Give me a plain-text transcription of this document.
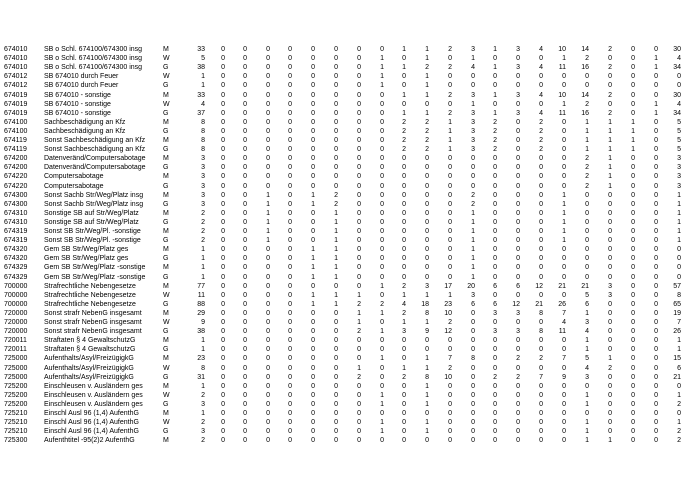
674010 SB o Schl. 674100/674300 insg	M	33	0	0	0	0	0	0	0	0	1	1	2	3	1	3	4	10	14	2	0	0	30
674010 SB o Schl. 674100/674300 insg	W	5	0	0	0	0	0	0	0	1	0	1	0	1	0	0	0	1	2	0	0	1	4
674010 SB o Schl. 674100/674300 insg	G	38	0	0	0	0	0	0	0	1	1	2	2	4	1	3	4	11	16	2	0	1	34
674012 SB 674010 durch Feuer	W	1	0	0	0	0	0	0	0	1	0	1	0	0	0	0	0	0	0	0	0	0	0
674012 SB 674010 durch Feuer	G	1	0	0	0	0	0	0	0	1	0	1	0	0	0	0	0	0	0	0	0	0	0
674019 SB 674010 - sonstige	M	33	0	0	0	0	0	0	0	0	1	1	2	3	1	3	4	10	14	2	0	0	30
674019 SB 674010 - sonstige	W	4	0	0	0	0	0	0	0	0	0	0	0	1	0	0	0	1	2	0	0	1	4
674019 SB 674010 - sonstige	G	37	0	0	0	0	0	0	0	0	1	1	2	3	1	3	4	11	16	2	0	1	34
674100 Sachbeschädigung an Kfz	M	8	0	0	0	0	0	0	0	0	2	2	1	3	2	0	2	0	1	1	1	0	5
674100 Sachbeschädigung an Kfz	G	8	0	0	0	0	0	0	0	0	2	2	1	3	2	0	2	0	1	1	1	0	5
674119 Sonst Sachbeschädigung an Kfz	M	8	0	0	0	0	0	0	0	0	2	2	1	3	2	0	2	0	1	1	1	0	5
674119 Sonst Sachbeschädigung an Kfz	G	8	0	0	0	0	0	0	0	0	2	2	1	3	2	0	2	0	1	1	1	0	5
674200 Datenveränd/Computersabotage M	3	0	0	0	0	0	0	0	0	0	0	0	0	0	0	0	0	2	1	0	0	3
674200 Datenveränd/Computersabotage G	3	0	0	0	0	0	0	0	0	0	0	0	0	0	0	0	0	2	1	0	0	3
674220 Computersabotage	M	3	0	0	0	0	0	0	0	0	0	0	0	0	0	0	0	0	2	1	0	0	3
674220 Computersabotage	G	3	0	0	0	0	0	0	0	0	0	0	0	0	0	0	0	0	2	1	0	0	3
674300 Sonst Sachb Str/Weg/Platz insg	M	3	0	0	1	0	1	2	0	0	0	0	0	2	0	0	0	1	0	0	0	0	1
674300 Sonst Sachb Str/Weg/Platz insg	G	3	0	0	1	0	1	2	0	0	0	0	0	2	0	0	0	1	0	0	0	0	1
674310 Sonstige SB auf Str/Weg/Platz	M	2	0	0	1	0	0	1	0	0	0	0	0	1	0	0	0	1	0	0	0	0	1
674310 Sonstige SB auf Str/Weg/Platz	G	2	0	0	1	0	0	1	0	0	0	0	0	1	0	0	0	1	0	0	0	0	1
674319 Sonst SB Str/Weg/Pl. -sonstige	M	2	0	0	1	0	0	1	0	0	0	0	0	1	0	0	0	1	0	0	0	0	1
674319 Sonst SB Str/Weg/Pl. -sonstige	G	2	0	0	1	0	0	1	0	0	0	0	0	1	0	0	0	1	0	0	0	0	1
674320 Gem SB Str/Weg/Platz ges	M	1	0	0	0	0	1	1	0	0	0	0	0	1	0	0	0	0	0	0	0	0	0
674320 Gem SB Str/Weg/Platz ges	G	1	0	0	0	0	1	1	0	0	0	0	0	1	0	0	0	0	0	0	0	0	0
674329 Gem SB Str/Weg/Platz -sonstige	M	1	0	0	0	0	1	1	0	0	0	0	0	1	0	0	0	0	0	0	0	0	0
674329 Gem SB Str/Weg/Platz -sonstige	G	1	0	0	0	0	1	1	0	0	0	0	0	1	0	0	0	0	0	0	0	0	0
700000 Strafrechtliche Nebengesetze	M	77	0	0	0	0	0	0	0	1	2	3	17	20	6	6	12	21	21	3	0	0	57
700000 Strafrechtliche Nebengesetze	W	11	0	0	0	0	1	1	1	0	1	1	1	3	0	0	0	0	5	3	0	0	8
700000 Strafrechtliche Nebengesetze	G	88	0	0	0	0	1	1	2	2	4	18	23	6	6	12	21	26	6	0	0	0	65
720000 Sonst strafr NebenG insgesamt	M	29	0	0	0	0	0	0	1	1	2	8	10	0	3	3	8	7	1	0	0	0	19
720000 Sonst strafr NebenG insgesamt	W	9	0	0	0	0	0	0	1	0	1	1	2	0	0	0	0	4	3	0	0	0	7
720000 Sonst strafr NebenG insgesamt	G	38	0	0	0	0	0	0	2	1	3	9	12	0	3	3	8	11	4	0	0	0	26
720011 Straftaten § 4 GewaltschutzG	M	1	0	0	0	0	0	0	0	0	0	0	0	0	0	0	0	0	1	0	0	0	1
720011 Straftaten § 4 GewaltschutzG	G	1	0	0	0	0	0	0	0	0	0	0	0	0	0	0	0	0	1	0	0	0	1
725000 Aufenthalts/Asyl/FreizügigkG	M	23	0	0	0	0	0	0	0	1	0	1	7	8	0	2	2	7	5	1	0	0	15
725000 Aufenthalts/Asyl/FreizügigkG	W	8	0	0	0	0	0	0	1	0	1	1	2	0	0	0	0	0	4	2	0	0	6
725000 Aufenthalts/Asyl/FreizügigkG	G	31	0	0	0	0	0	0	2	0	2	8	10	0	2	2	7	9	3	0	0	0	21
725200 Einschleusen v. Ausländern ges	M	1	0	0	0	0	0	0	0	0	0	1	0	0	0	0	0	0	0	0	0	0	0
725200 Einschleusen v. Ausländern ges	W	2	0	0	0	0	0	0	0	1	0	1	0	0	0	0	0	0	1	0	0	0	1
725200 Einschleusen v. Ausländern ges	G	3	0	0	0	0	0	0	0	1	0	1	0	0	0	0	0	0	1	0	0	0	2
725210 Einschl Ausl 96 (1,4) AufenthG	M	1	0	0	0	0	0	0	0	0	0	0	0	0	0	0	0	0	0	0	0	0	0
725210 Einschl Ausl 96 (1,4) AufenthG	W	2	0	0	0	0	0	0	0	1	0	1	0	0	0	0	0	0	1	0	0	0	1
725210 Einschl Ausl 96 (1,4) AufenthG	G	3	0	0	0	0	0	0	0	1	0	1	0	0	0	0	0	0	1	0	0	0	2
725300 Aufenthtitel -95(2)2 AufenthG	M	2	0	0	0	0	0	0	0	0	0	0	0	0	0	0	0	0	1	1	0	0	2
